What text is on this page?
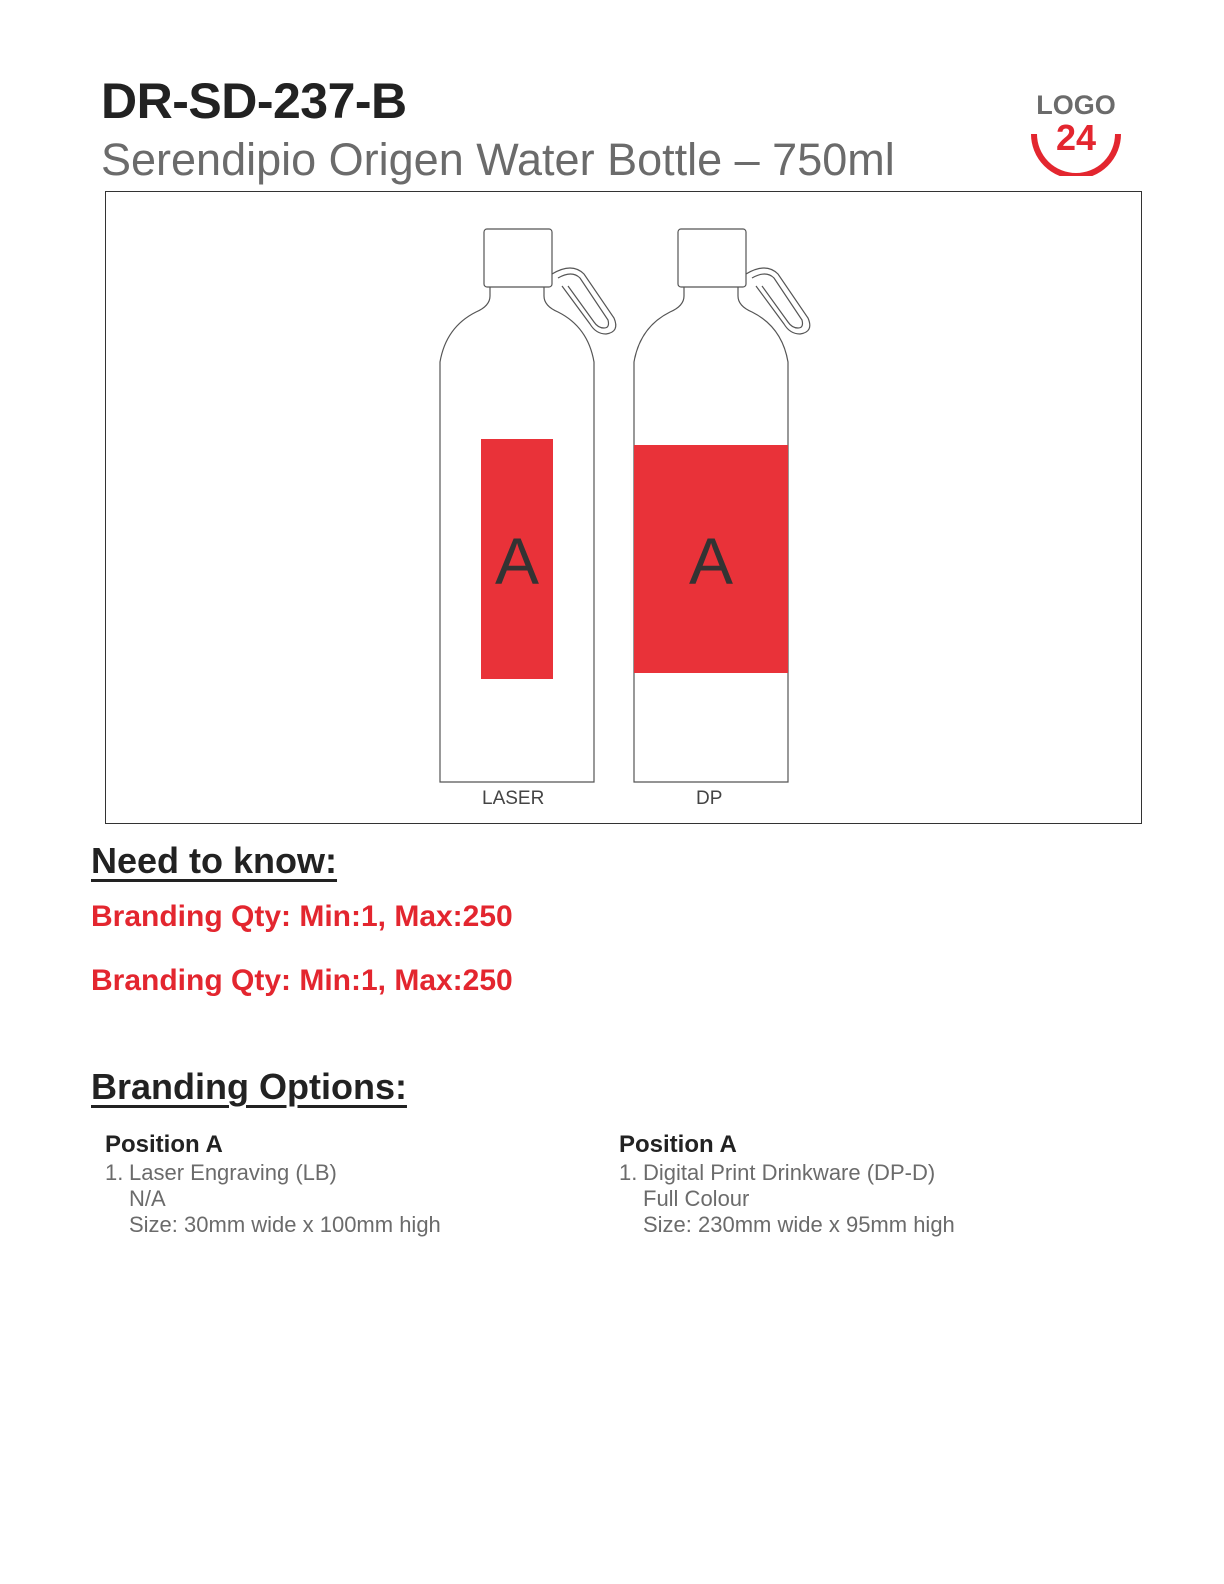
DR-SD-237-B
Serendipio Origen Water Bottle – 750ml
LOGO
24
A A
LASER	DP
Need to know:
Branding Qty: Min:1, Max:250
Branding Qty: Min:1, Max:250
Branding Options:
Position A
1. Laser Engraving (LB)
N/A
Size: 30mm wide x 100mm high
Position A
1. Digital Print Drinkware (DP-D)
Full Colour
Size: 230mm wide x 95mm high
